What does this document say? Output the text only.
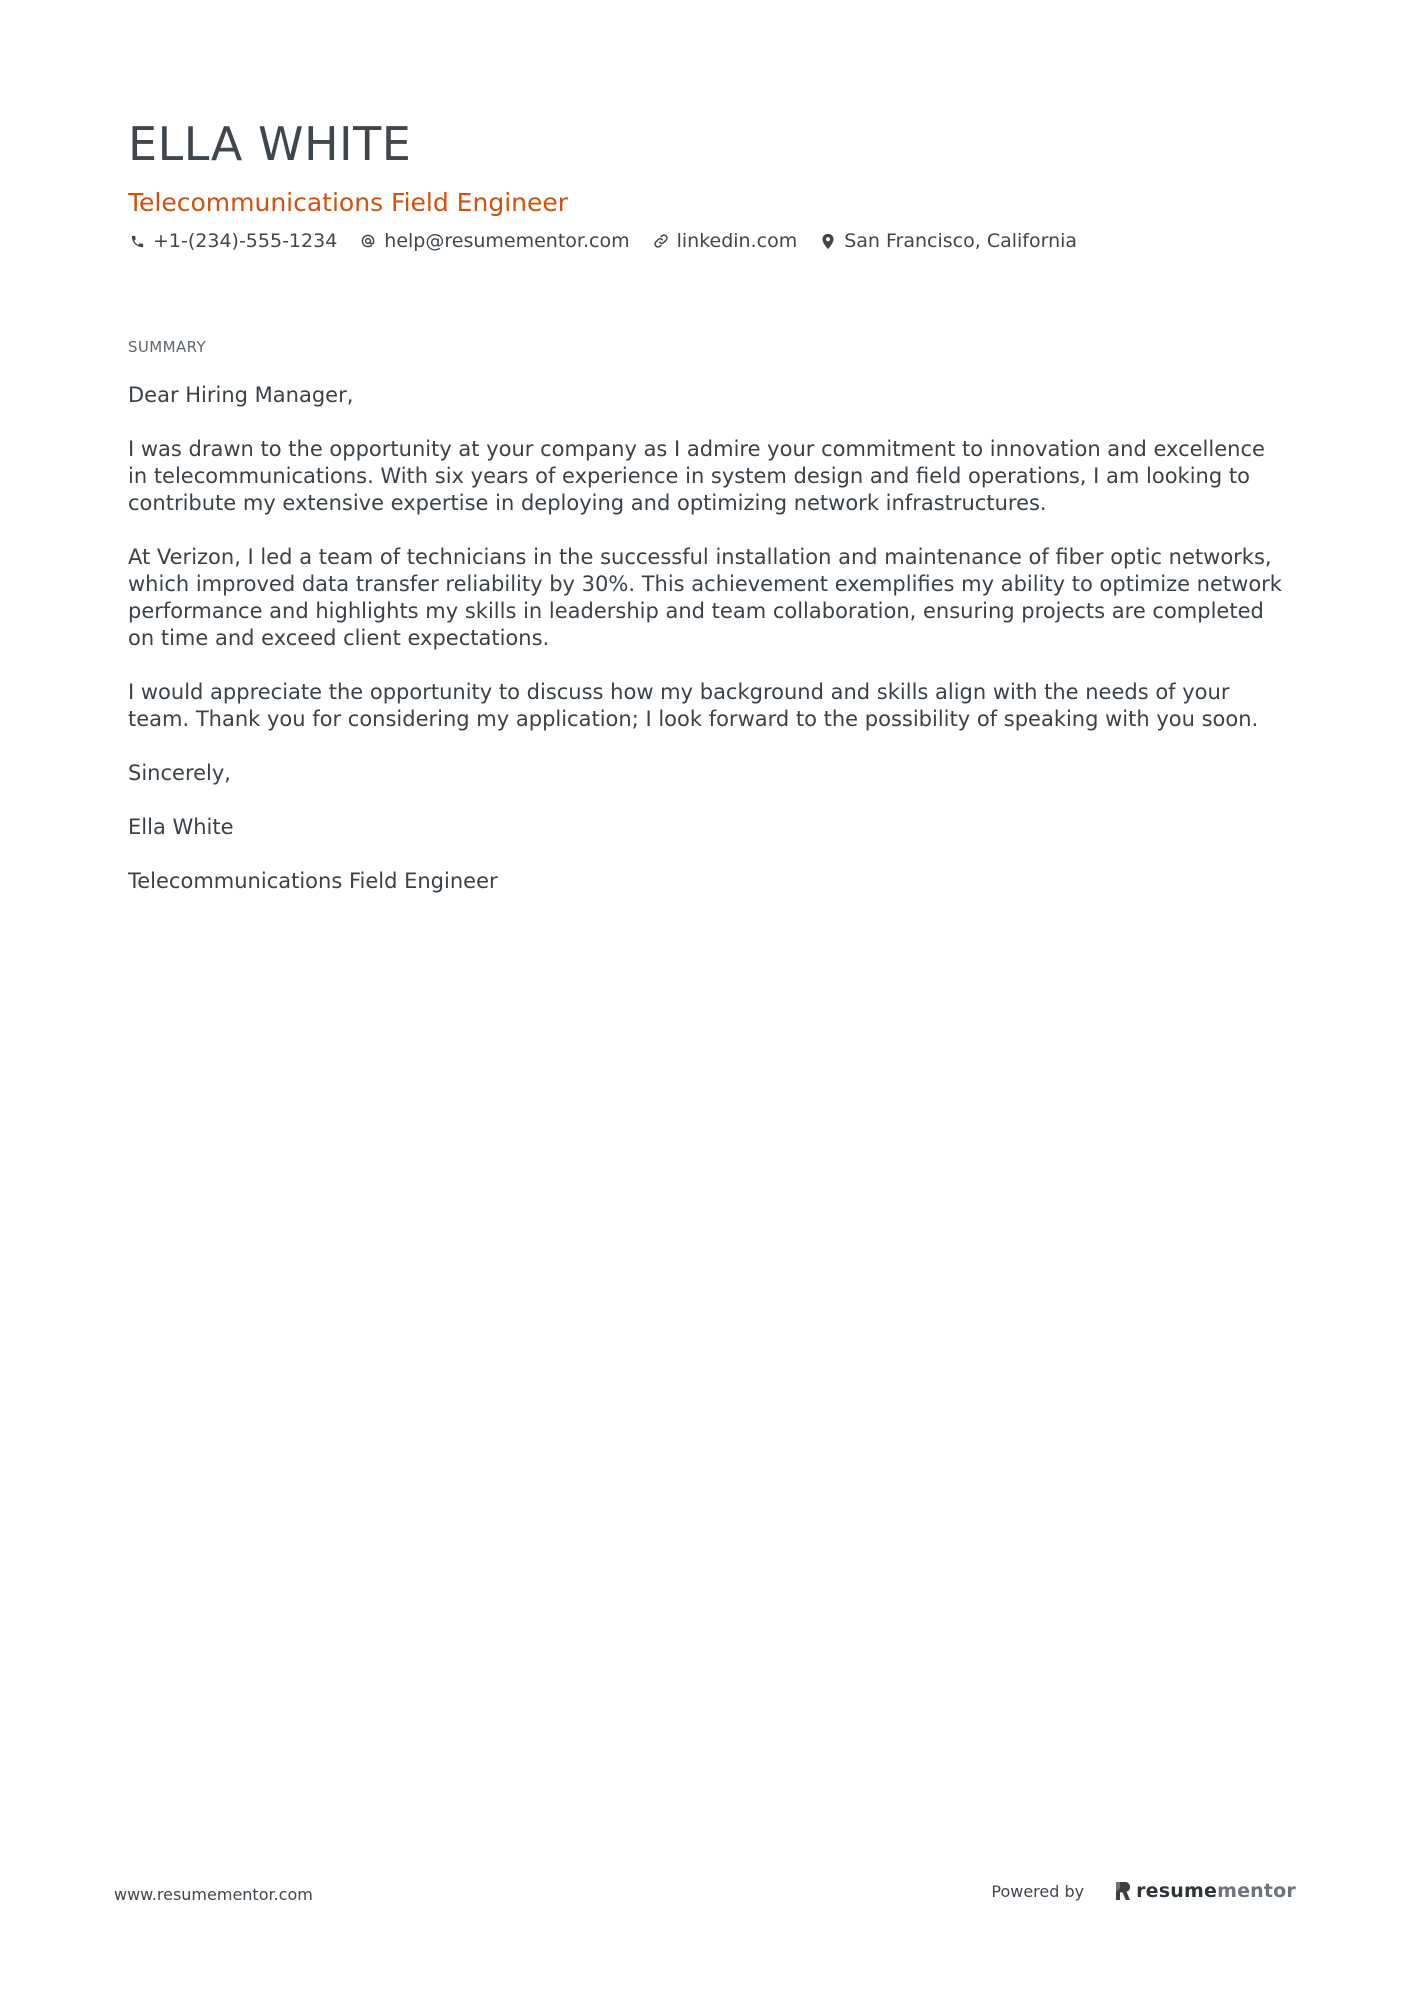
ELLA WHITE
Telecommunications Field Engineer
+1-(234)-555-1234 help@resumementor.com linkedin.com San Francisco, California
SUMMARY

Dear Hiring Manager,

I was drawn to the opportunity at your company as I admire your commitment to innovation and excellence in telecommunications. With six years of experience in system design and field operations, I am looking to contribute my extensive expertise in deploying and optimizing network infrastructures.

At Verizon, I led a team of technicians in the successful installation and maintenance of fiber optic networks, which improved data transfer reliability by 30%. This achievement exemplifies my ability to optimize network performance and highlights my skills in leadership and team collaboration, ensuring projects are completed on time and exceed client expectations.

I would appreciate the opportunity to discuss how my background and skills align with the needs of your team. Thank you for considering my application; I look forward to the possibility of speaking with you soon.

Sincerely,

Ella White

Telecommunications Field Engineer

www.resumementor.com	Powered by	resume mentor
